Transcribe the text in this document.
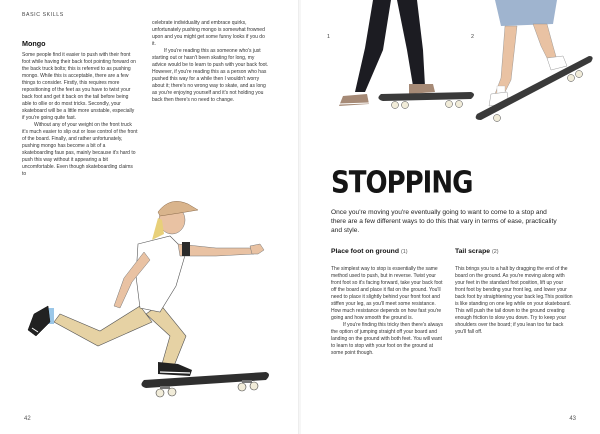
BASIC SKILLS
Mongo

Some people find it easier to push with their front foot while having their back foot pointing forward on the back truck bolts; this is referred to as pushing mongo. While this is acceptable, there are a few things to consider. Firstly, this requires more repositioning of the feet as you have to twist your back foot and get it back on the tail before being able to ollie or do most tricks. Secondly, your skateboard will be a little more unstable, especially if you're going quite fast.

Without any of your weight on the front truck it's much easier to slip out or lose control of the front of the board. Finally, and rather unfortunately, pushing mongo has become a bit of a skateboarding faux pas, mainly because it's hard to push this way without it appearing a bit uncomfortable. Even though skateboarding claims to

celebrate individuality and embrace quirks, unfortunately pushing mongo is somewhat frowned upon and you might get some funny looks if you do it.

If you're reading this as someone who's just starting out or hasn't been skating for long, my advice would be to learn to push with your back foot. However, if you're reading this as a person who has pushed this way for a while then I wouldn't worry about it; there's no wrong way to skate, and as long as you're enjoying yourself and it's not holding you back then there's no need to change.

42
1	2
STOPPING
Once you're moving you're eventually going to want to come to a stop and there are a few different ways to do this that vary in terms of ease, practicality and style.
Place foot on ground (1)	Tail scrape (2)

The simplest way to stop is essentially the same method used to push, but in reverse. Twist your front foot so it's facing forward, take your back foot off the board and place it flat on the ground. You'll need to place it slightly behind your front foot and stiffen your leg, as you'll meet some resistance. How much resistance depends on how fast you're going and how smooth the ground is.

If you're finding this tricky then there's always the option of jumping straight off your board and landing on the ground with both feet. You will want to learn to stop with your foot on the ground at some point though.

This brings you to a halt by dragging the end of the board on the ground. As you're moving along with your feet in the standard foot position, lift up your front foot by bending your front leg, and lower your back foot by straightening your back leg.This position is like standing on one leg while on your skateboard. This will push the tail down to the ground creating enough friction to slow you down. Try to keep your shoulders over the board; if you lean too far back you'll fall off.

43
